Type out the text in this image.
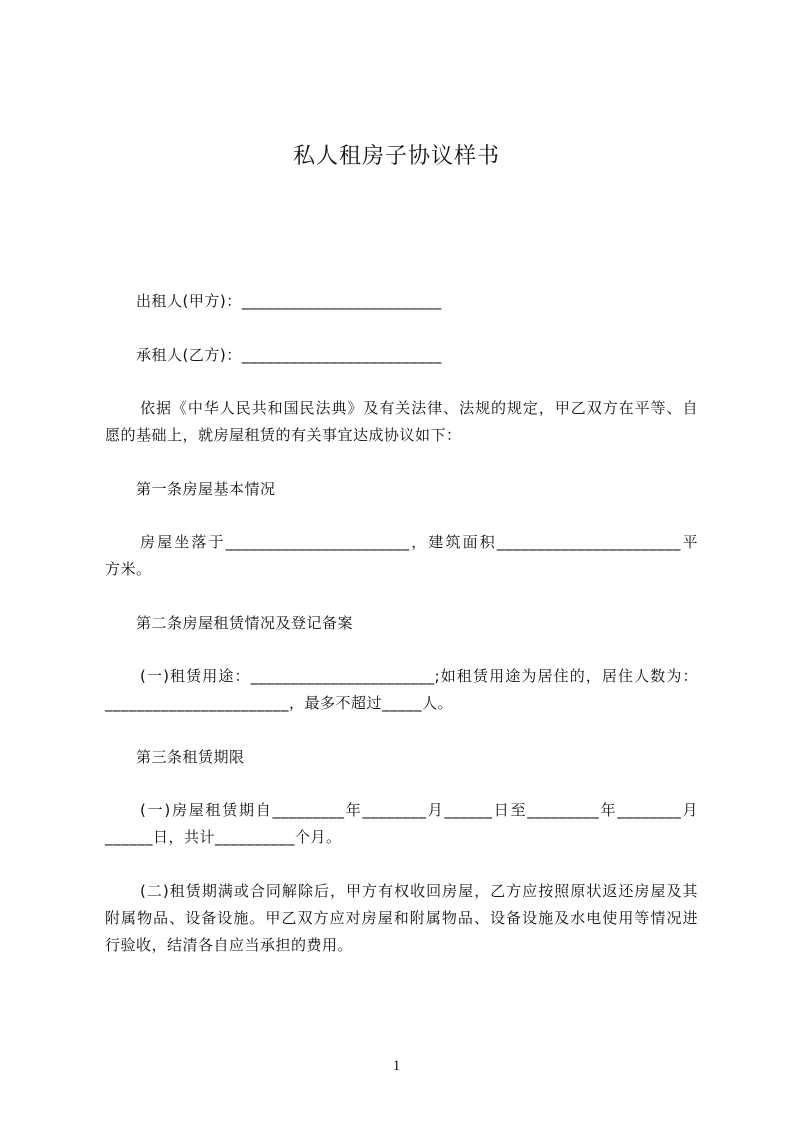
私人租房子协议样书
出租人(甲方)：_________________________
承租人(乙方)：_________________________
依据《中华人民共和国民法典》及有关法律、法规的规定，甲乙双方在平等、自
愿的基础上，就房屋租赁的有关事宜达成协议如下：
第一条房屋基本情况
房屋坐落于_______________________，建筑面积_______________________平
方米。
第二条房屋租赁情况及登记备案
(一)租赁用途：_______________________;如租赁用途为居住的，居住人数为：
_______________________，最多不超过_____人。
第三条租赁期限
(一)房屋租赁期自_________年________月______日至_________年________月
______日，共计__________个月。
(二)租赁期满或合同解除后，甲方有权收回房屋，乙方应按照原状返还房屋及其
附属物品、设备设施。甲乙双方应对房屋和附属物品、设备设施及水电使用等情况进
行验收，结清各自应当承担的费用。
1
